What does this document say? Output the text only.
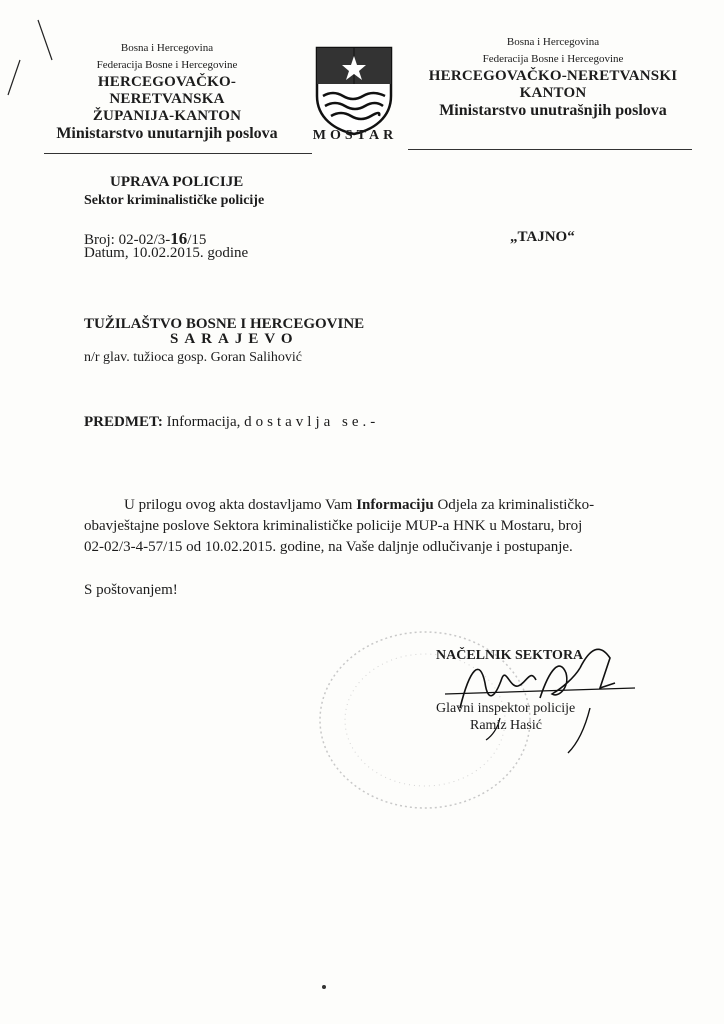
Bosna i Hercegovina
Federacija Bosne i Hercegovine
HERCEGOVAČKO-NERETVANSKA
ŽUPANIJA-KANTON
Ministarstvo unutarnjih poslova	MOSTAR
Bosna i Hercegovina
Federacija Bosne i Hercegovine
HERCEGOVAČKO-NERETVANSKI
KANTON
Ministarstvo unutrašnjih poslova
UPRAVA POLICIJE
Sektor kriminalističke policije
Broj: 02-02/3-16/15
Datum, 10.02.2015. godine
„TAJNO“
TUŽILAŠTVO BOSNE I HERCEGOVINE
SARAJEVO
n/r glav. tužioca gosp. Goran Salihović
PREDMET: Informacija, dostavlja se.-
U prilogu ovog akta dostavljamo Vam Informaciju Odjela za kriminalističko-obavještajne poslove Sektora kriminalističke policije MUP-a HNK u Mostaru, broj 02-02/3-4-57/15 od 10.02.2015. godine, na Vaše daljnje odlučivanje i postupanje.
S poštovanjem!
NAČELNIK SEKTORA
Glavni inspektor policije
Ramiz Hasić
